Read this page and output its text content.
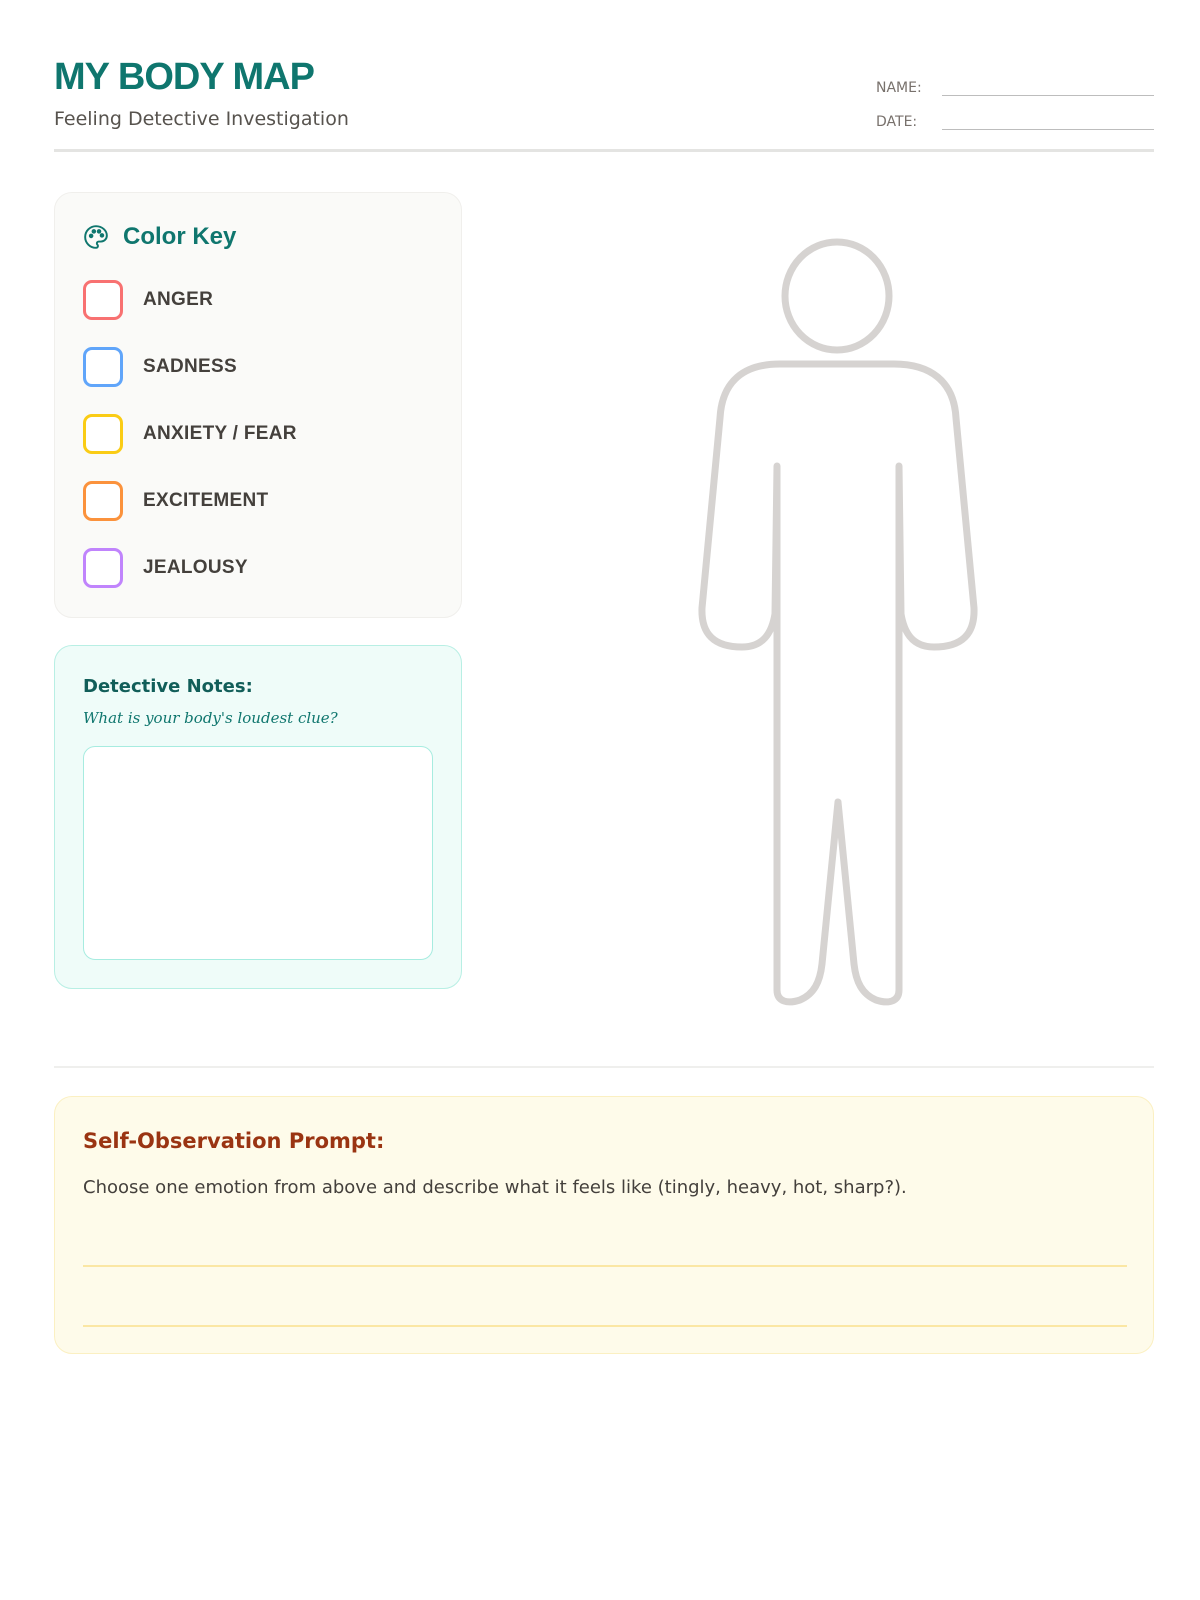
MY BODY MAP
Feeling Detective Investigation
NAME:
DATE:
Color Key
ANGER
SADNESS
ANXIETY / FEAR
EXCITEMENT
JEALOUSY
Detective Notes:
What is your body's loudest clue?
Self-Observation Prompt:
Choose one emotion from above and describe what it feels like (tingly, heavy, hot, sharp?).
